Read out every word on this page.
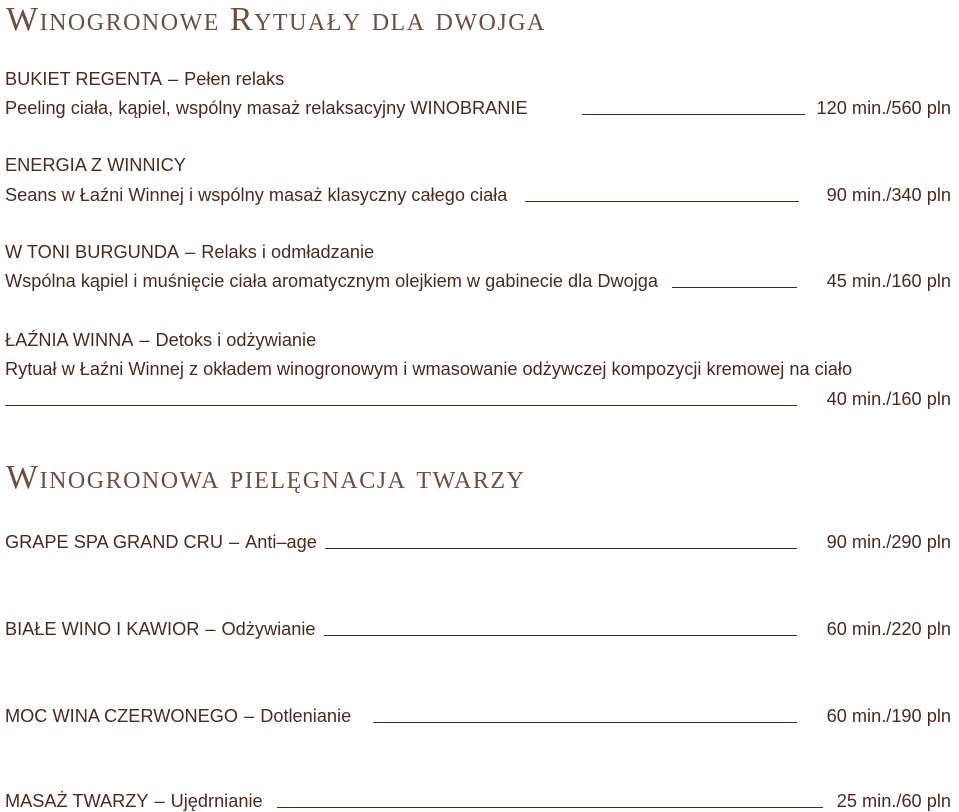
Winogronowe Rytuały dla dwojga
BUKIET REGENTA – Pełen relaks
Peeling ciała, kąpiel, wspólny masaż relaksacyjny WINOBRANIE	120 min./560 pln
ENERGIA Z WINNICY
Seans w Łaźni Winnej i wspólny masaż klasyczny całego ciała	90 min./340 pln
W TONI BURGUNDA – Relaks i odmładzanie
Wspólna kąpiel i muśnięcie ciała aromatycznym olejkiem w gabinecie dla Dwojga	45 min./160 pln
ŁAŹNIA WINNA – Detoks i odżywianie
Rytuał w Łaźni Winnej z okładem winogronowym i wmasowanie odżywczej kompozycji kremowej na ciało
40 min./160 pln
Winogronowa pielęgnacja twarzy
GRAPE SPA GRAND CRU – Anti–age	90 min./290 pln
BIAŁE WINO I KAWIOR – Odżywianie	60 min./220 pln
MOC WINA CZERWONEGO – Dotlenianie	60 min./190 pln
MASAŻ TWARZY – Ujędrnianie	25 min./60 pln
